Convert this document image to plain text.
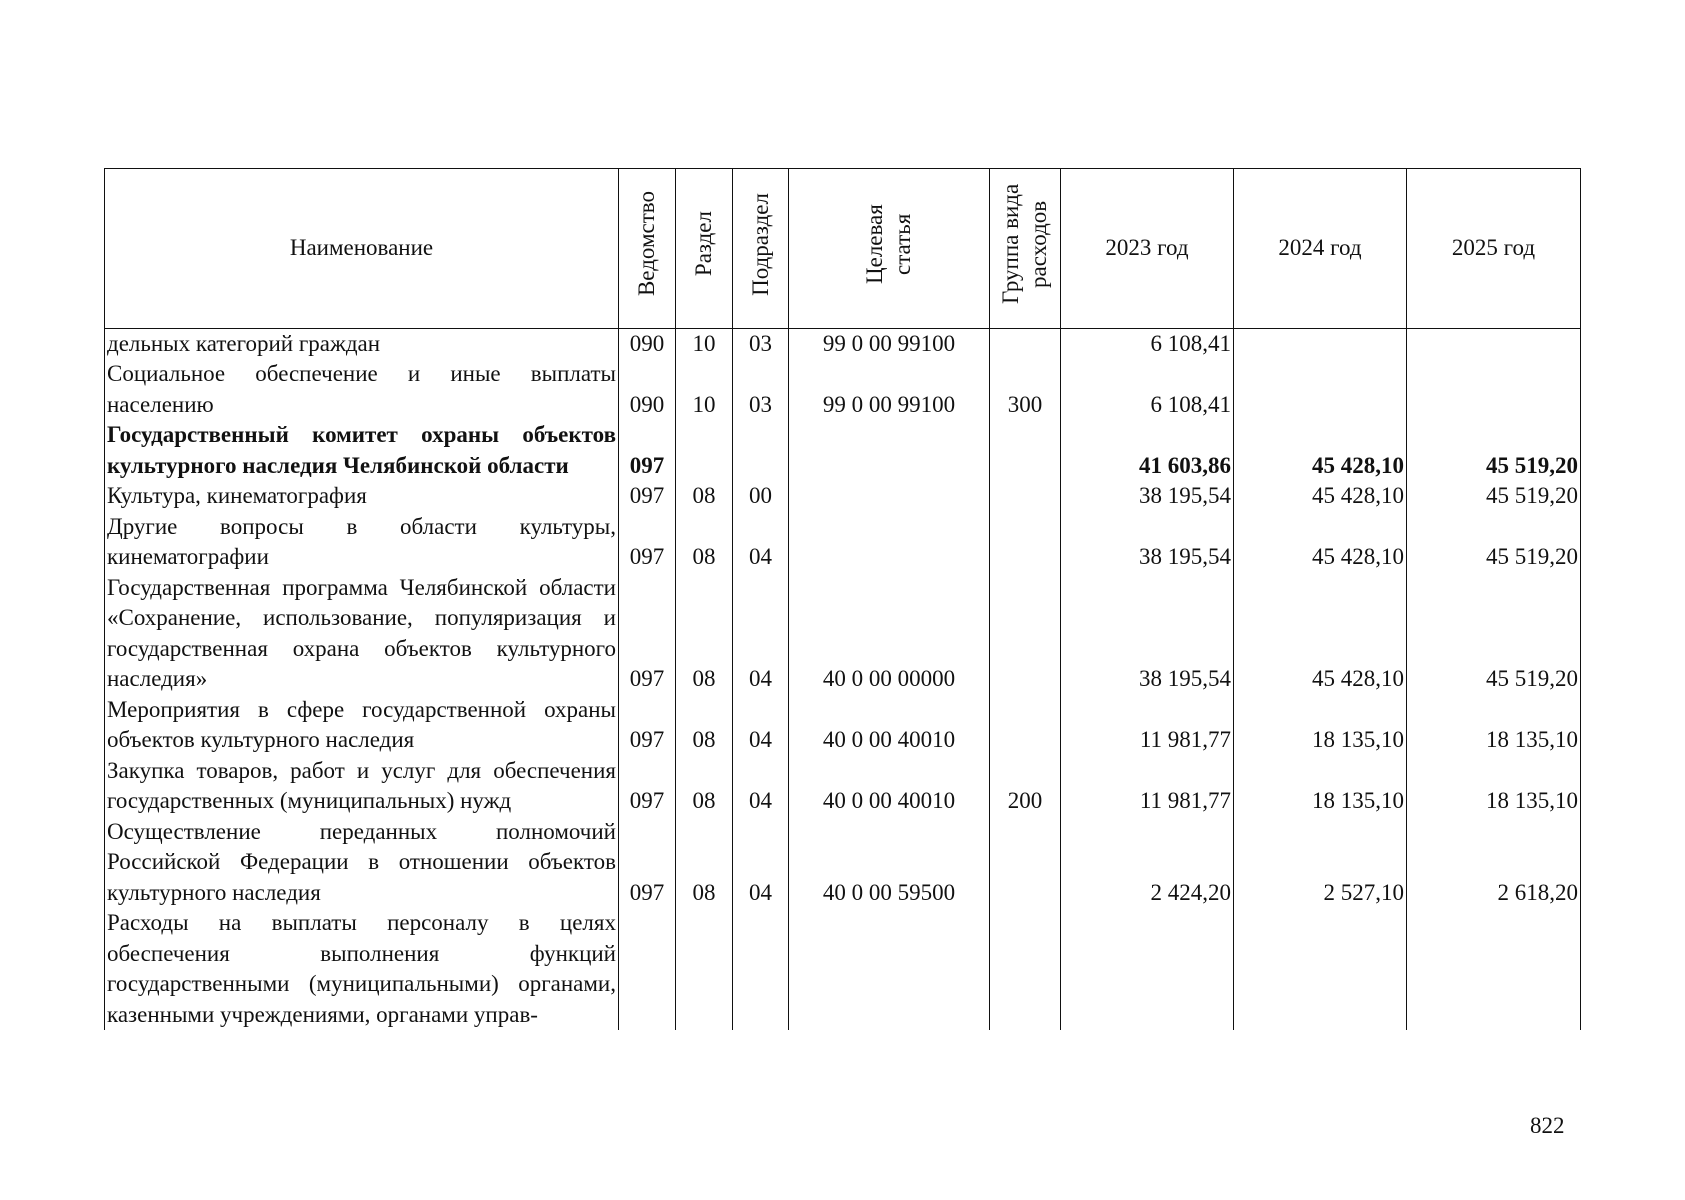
Наименование	Ведомство	Раздел	Подраздел	Целевая статья	Группа вида расходов	2023 год	2024 год	2025 год
дельных категорий граждан	090	10	03	99 0 00 99100		6 108,41		
Социальное обеспечение и иные выплаты населению	090	10	03	99 0 00 99100	300	6 108,41		
Государственный комитет охраны объектов культурного наследия Челябинской области	097					41 603,86	45 428,10	45 519,20
Культура, кинематография	097	08	00			38 195,54	45 428,10	45 519,20
Другие вопросы в области культуры, кинематографии	097	08	04			38 195,54	45 428,10	45 519,20
Государственная программа Челябинской области «Сохранение, использование, популяризация и государственная охрана объектов культурного наследия»	097	08	04	40 0 00 00000		38 195,54	45 428,10	45 519,20
Мероприятия в сфере государственной охраны объектов культурного наследия	097	08	04	40 0 00 40010		11 981,77	18 135,10	18 135,10
Закупка товаров, работ и услуг для обеспечения государственных (муниципальных) нужд	097	08	04	40 0 00 40010	200	11 981,77	18 135,10	18 135,10
Осуществление переданных полномочий Российской Федерации в отношении объектов культурного наследия	097	08	04	40 0 00 59500		2 424,20	2 527,10	2 618,20
Расходы на выплаты персоналу в целях обеспечения выполнения функций государственными (муниципальными) органами, казенными учреждениями, органами управ-								
822
